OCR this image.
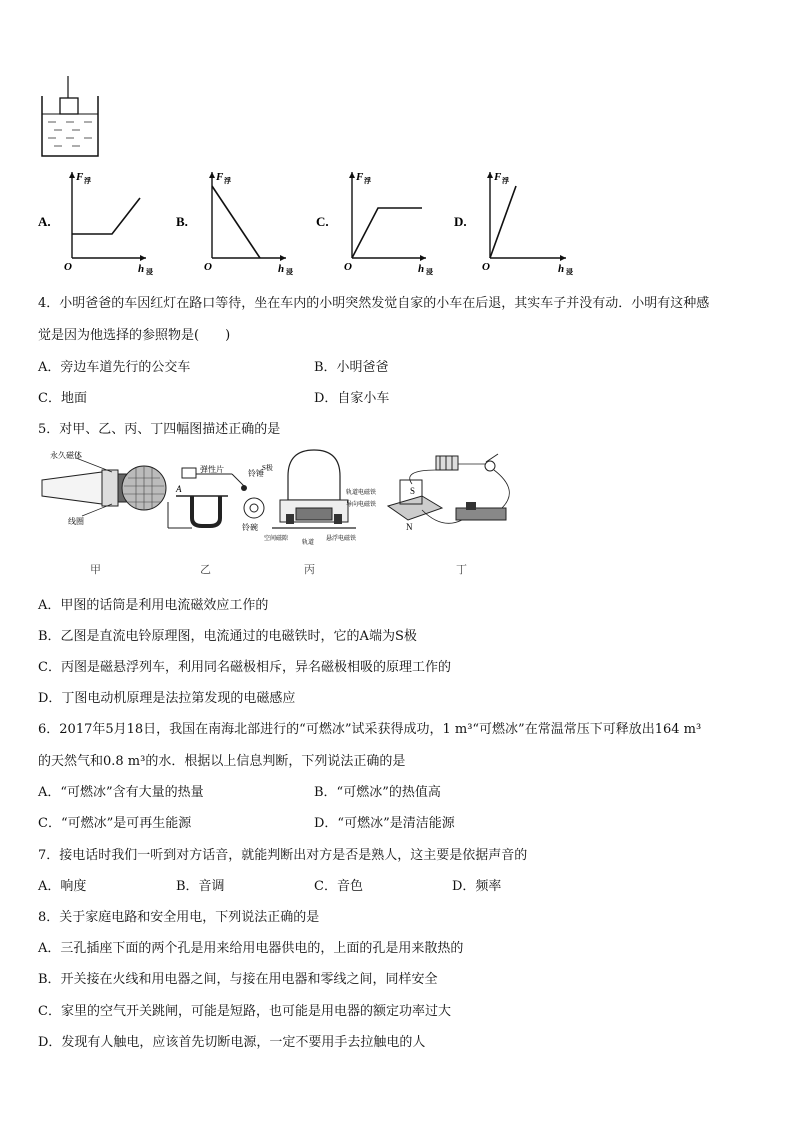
F 浮
h 浸
O
A.
F 浮
h 浸
O
B.
F 浮
h 浸
O
C.
F 浮
h 浸
O
D.
4．小明爸爸的车因红灯在路口等待，坐在车内的小明突然发觉自家的小车在后退，其实车子并没有动．小明有这种感
觉是因为他选择的参照物是(　　)
A．旁边车道先行的公交车	B．小明爸爸
C．地面	D．自家小车
5．对甲、乙、丙、丁四幅图描述正确的是
永久磁体
线圈
弹性片	铃锤
A
铃碗
S极
轨道电磁铁
导向电磁铁
空间磁隙
轨道
悬浮电磁铁
S
N
甲	乙	丙	丁
A．甲图的话筒是利用电流磁效应工作的
B．乙图是直流电铃原理图，电流通过的电磁铁时，它的A端为S极
C．丙图是磁悬浮列车，利用同名磁极相斥，异名磁极相吸的原理工作的
D．丁图电动机原理是法拉第发现的电磁感应
6．2017年5月18日，我国在南海北部进行的“可燃冰”试采获得成功，1 m³“可燃冰”在常温常压下可释放出164 m³
的天然气和0.8 m³的水．根据以上信息判断，下列说法正确的是
A．“可燃冰”含有大量的热量	B．“可燃冰”的热值高
C．“可燃冰”是可再生能源	D．“可燃冰”是清洁能源
7．接电话时我们一听到对方话音，就能判断出对方是否是熟人，这主要是依据声音的
A．响度	B．音调	C．音色	D．频率
8．关于家庭电路和安全用电，下列说法正确的是
A．三孔插座下面的两个孔是用来给用电器供电的，上面的孔是用来散热的
B．开关接在火线和用电器之间，与接在用电器和零线之间，同样安全
C．家里的空气开关跳闸，可能是短路，也可能是用电器的额定功率过大
D．发现有人触电，应该首先切断电源，一定不要用手去拉触电的人
